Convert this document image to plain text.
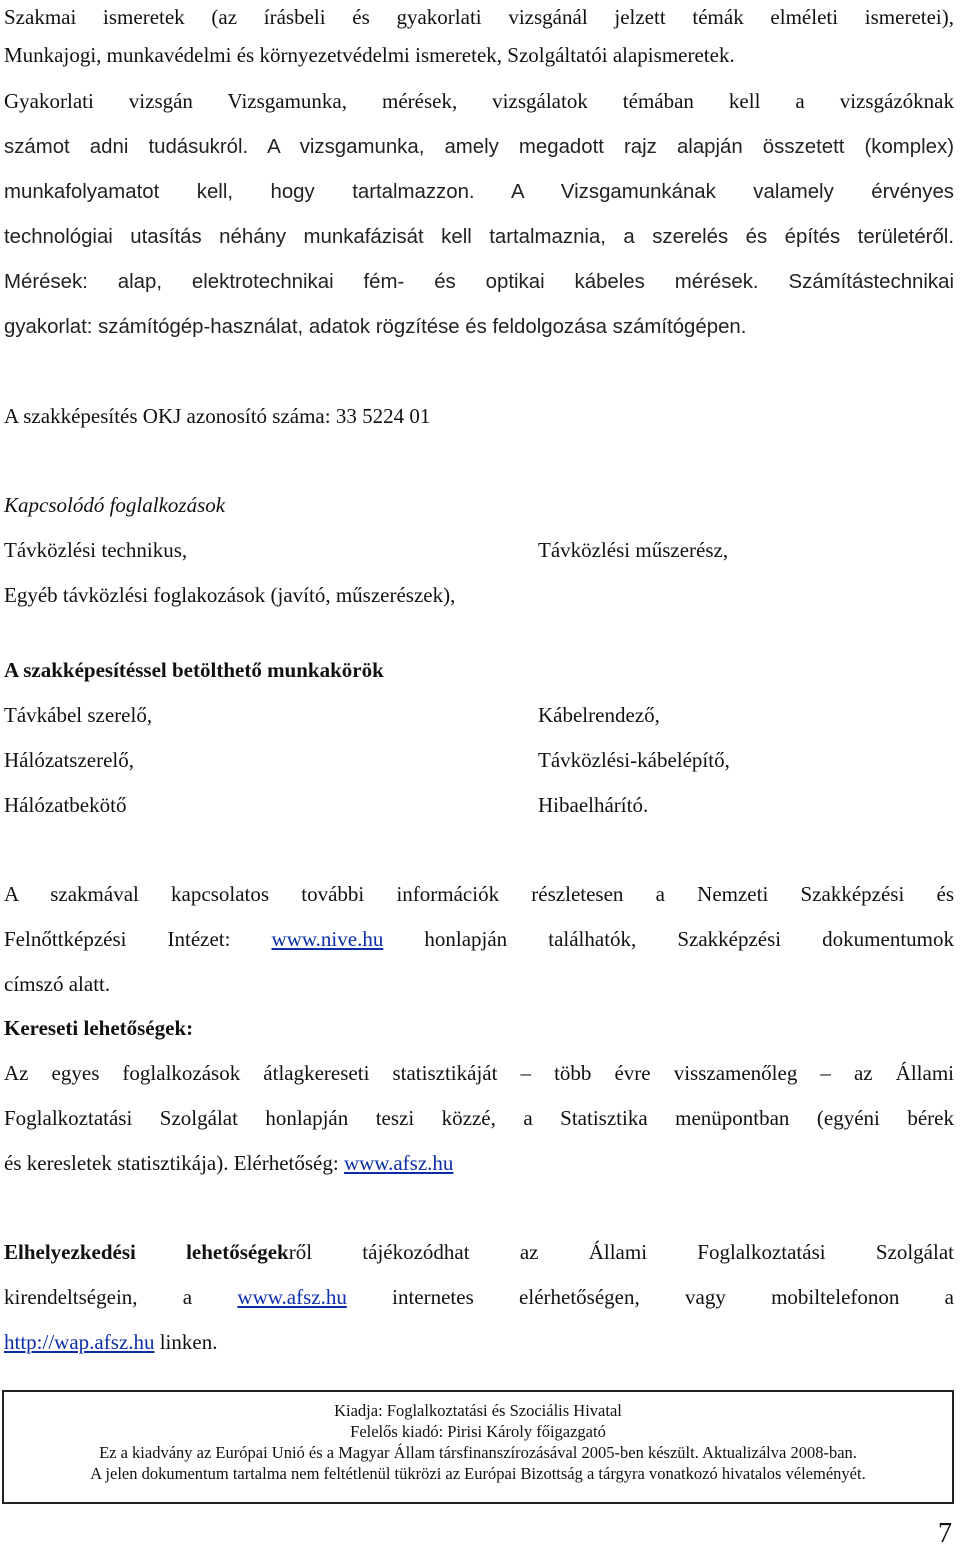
Szakmai ismeretek (az írásbeli és gyakorlati vizsgánál jelzett témák elméleti ismeretei),
Munkajogi, munkavédelmi és környezetvédelmi ismeretek, Szolgáltatói alapismeretek.
Gyakorlati vizsgán Vizsgamunka, mérések, vizsgálatok témában kell a vizsgázóknak
számot adni tudásukról. A vizsgamunka, amely megadott rajz alapján összetett (komplex)
munkafolyamatot kell, hogy tartalmazzon. A Vizsgamunkának valamely érvényes
technológiai utasítás néhány munkafázisát kell tartalmaznia, a szerelés és építés területéről.
Mérések: alap, elektrotechnikai fém- és optikai kábeles mérések. Számítástechnikai
gyakorlat: számítógép-használat, adatok rögzítése és feldolgozása számítógépen.
A szakképesítés OKJ azonosító száma: 33 5224 01
Kapcsolódó foglalkozások
Távközlési technikus,	Távközlési műszerész,
Egyéb távközlési foglakozások (javító, műszerészek),
A szakképesítéssel betölthető munkakörök
Távkábel szerelő,	Kábelrendező,
Hálózatszerelő,	Távközlési-kábelépítő,
Hálózatbekötő	Hibaelhárító.
A szakmával kapcsolatos további információk részletesen a Nemzeti Szakképzési és
Felnőttképzési Intézet: www.nive.hu honlapján találhatók, Szakképzési dokumentumok
címszó alatt.
Kereseti lehetőségek:
Az egyes foglalkozások átlagkereseti statisztikáját – több évre visszamenőleg – az Állami
Foglalkoztatási Szolgálat honlapján teszi közzé, a Statisztika menüpontban (egyéni bérek
és keresletek statisztikája). Elérhetőség: www.afsz.hu
Elhelyezkedési lehetőségekről tájékozódhat az Állami Foglalkoztatási Szolgálat
kirendeltségein, a www.afsz.hu internetes elérhetőségen, vagy mobiltelefonon a
http://wap.afsz.hu linken.
Kiadja: Foglalkoztatási és Szociális Hivatal
Felelős kiadó: Pirisi Károly főigazgató
Ez a kiadvány az Európai Unió és a Magyar Állam társfinanszírozásával 2005-ben készült. Aktualizálva 2008-ban.
A jelen dokumentum tartalma nem feltétlenül tükrözi az Európai Bizottság a tárgyra vonatkozó hivatalos véleményét.
7
